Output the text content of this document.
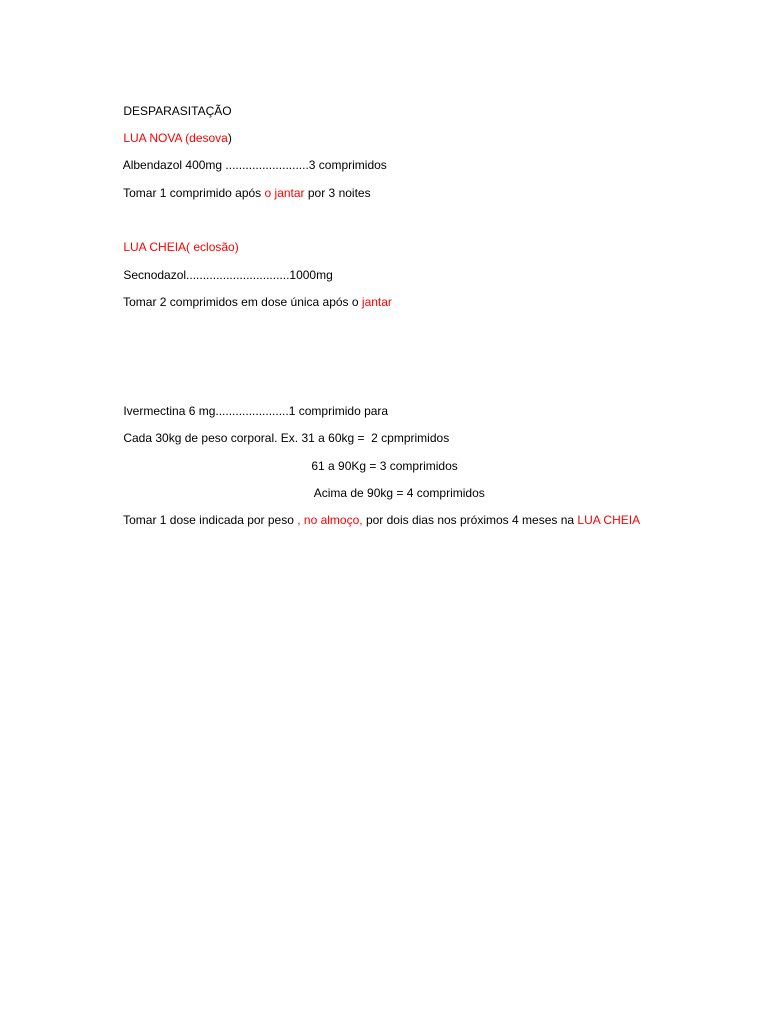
DESPARASITAÇÃO

LUA NOVA (desova)

Albendazol 400mg .........................3 comprimidos

Tomar 1 comprimido após o jantar por 3 noites

LUA CHEIA( eclosão)

Secnodazol...............................1000mg

Tomar 2 comprimidos em dose única após o jantar

Ivermectina 6 mg......................1 comprimido para

Cada 30kg de peso corporal. Ex. 31 a 60kg =  2 cpmprimidos

61 a 90Kg = 3 comprimidos

Acima de 90kg = 4 comprimidos

Tomar 1 dose indicada por peso , no almoço, por dois dias nos próximos 4 meses na LUA CHEIA
